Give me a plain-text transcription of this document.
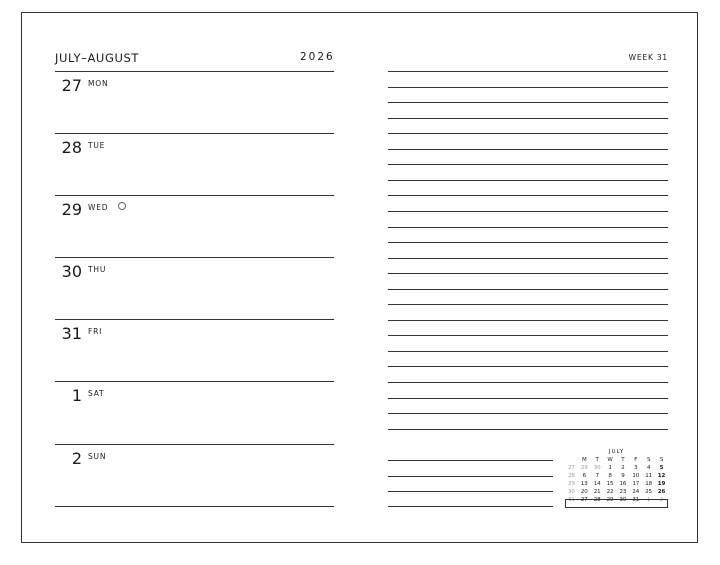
JULY–AUGUST	2026	WEEK 31
27 MON
28 TUE
29 WED
30 THU
31 FRI
1 SAT
2 SUN	JULY
M	T	W	T	F	S	S
27	29	30	1	2	3	4	5
28	6	7	8	9	10	11	12
29	13	14	15	16	17	18	19
30	20	21	22	23	24	25	26
31	27	28	29	30	31	1	2
